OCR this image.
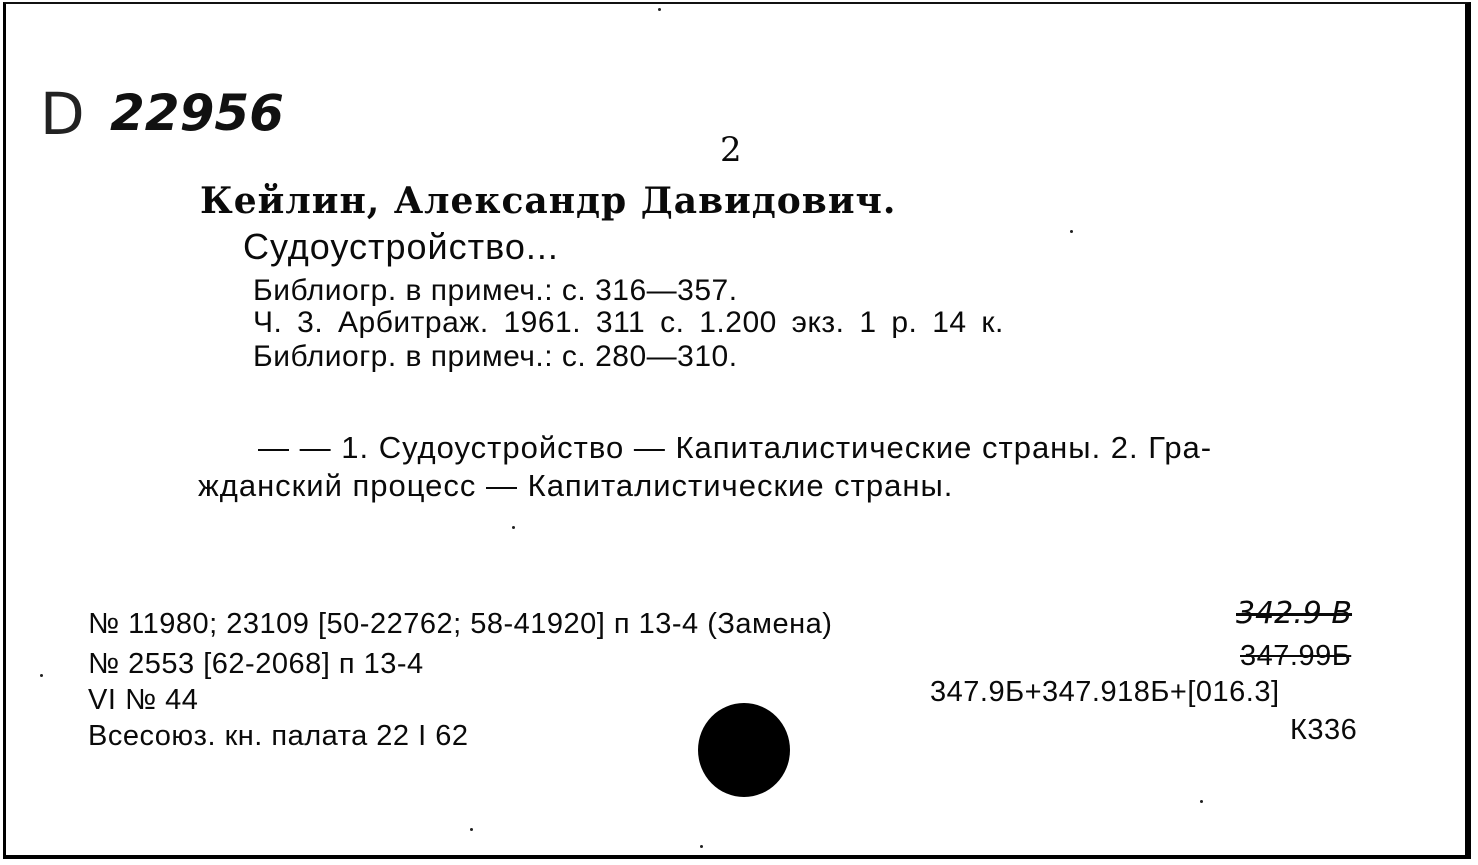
D 22956
2
Кейлин, Александр Давидович.
Судоустройство...
Библиогр. в примеч.: с. 316—357.
Ч. 3. Арбитраж. 1961. 311 с. 1.200 экз. 1 р. 14 к.
Библиогр. в примеч.: с. 280—310.
— — 1. Судоустройство — Капиталистические страны. 2. Гра-
жданский процесс — Капиталистические страны.
№ 11980; 23109 [50-22762; 58-41920] п 13-4 (Замена)
№ 2553 [62-2068] п 13-4
VI № 44
Всесоюз. кн. палата 22 I 62
342.9 В
347.99Б
347.9Б+347.918Б+[016.3]
К336
